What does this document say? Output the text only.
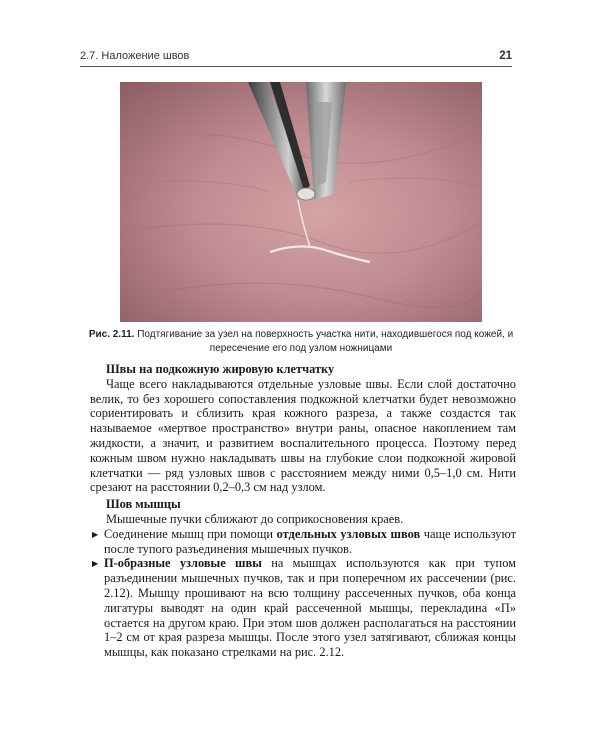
2.7. Наложение швов	21
Рис. 2.11. Подтягивание за узел на поверхность участка нити, находившегося под кожей, и пересечение его под узлом ножницами

Швы на подкожную жировую клетчатку

Чаще всего накладываются отдельные узловые швы. Если слой достаточно велик, то без хорошего сопоставления подкожной клетчатки будет невозможно сориентировать и сблизить края кожного разреза, а также создастся так называемое «мертвое пространство» внутри раны, опасное накоплением там жидкости, а значит, и развитием воспалительного процесса. Поэтому перед кожным швом нужно накладывать швы на глубокие слои подкожной жировой клетчатки — ряд узловых швов с расстоянием между ними 0,5–1,0 см. Нити срезают на расстоянии 0,2–0,3 см над узлом.

Шов мышцы

Мышечные пучки сближают до соприкосновения краев.

▶ Соединение мышц при помощи отдельных узловых швов чаще используют после тупого разъединения мышечных пучков.

▶ П-образные узловые швы на мышцах используются как при тупом разъединении мышечных пучков, так и при поперечном их рассечении (рис. 2.12). Мышцу прошивают на всю толщину рассеченных пучков, оба конца лигатуры выводят на один край рассеченной мышцы, перекладина «П» остается на другом краю. При этом шов должен располагаться на расстоянии 1–2 см от края разреза мышцы. После этого узел затягивают, сближая концы мышцы, как показано стрелками на рис. 2.12.
